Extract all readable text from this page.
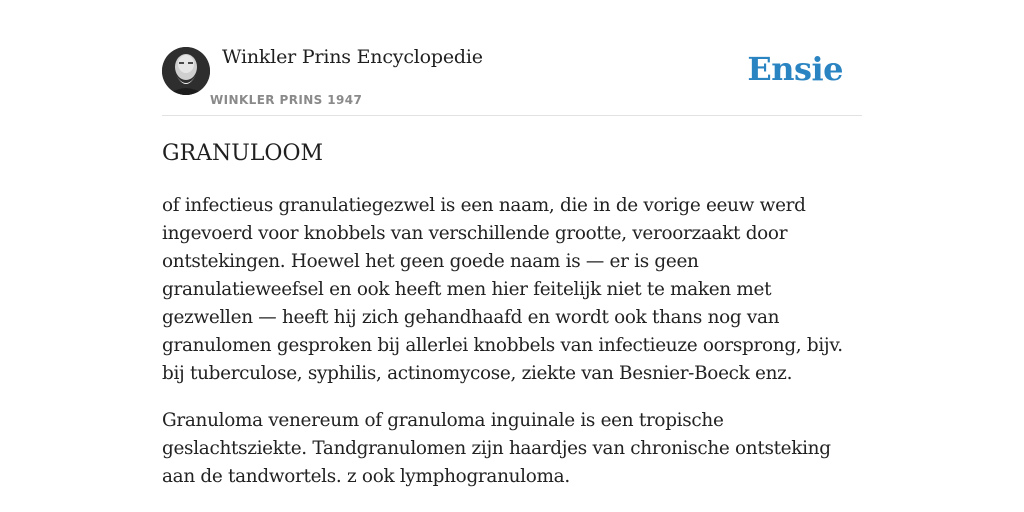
Winkler Prins Encyclopedie
WINKLER PRINS 1947
Ensie
GRANULOOM

of infectieus granulatiegezwel is een naam, die in de vorige eeuw werd ingevoerd voor knobbels van verschillende grootte, veroorzaakt door ontstekingen. Hoewel het geen goede naam is — er is geen granulatieweefsel en ook heeft men hier feitelijk niet te maken met gezwellen — heeft hij zich gehandhaafd en wordt ook thans nog van granulomen gesproken bij allerlei knobbels van infectieuze oorsprong, bijv. bij tuberculose, syphilis, actinomycose, ziekte van Besnier-Boeck enz.

Granuloma venereum of granuloma inguinale is een tropische geslachtsziekte. Tandgranulomen zijn haardjes van chronische ontsteking aan de tandwortels. z ook lymphogranuloma.
